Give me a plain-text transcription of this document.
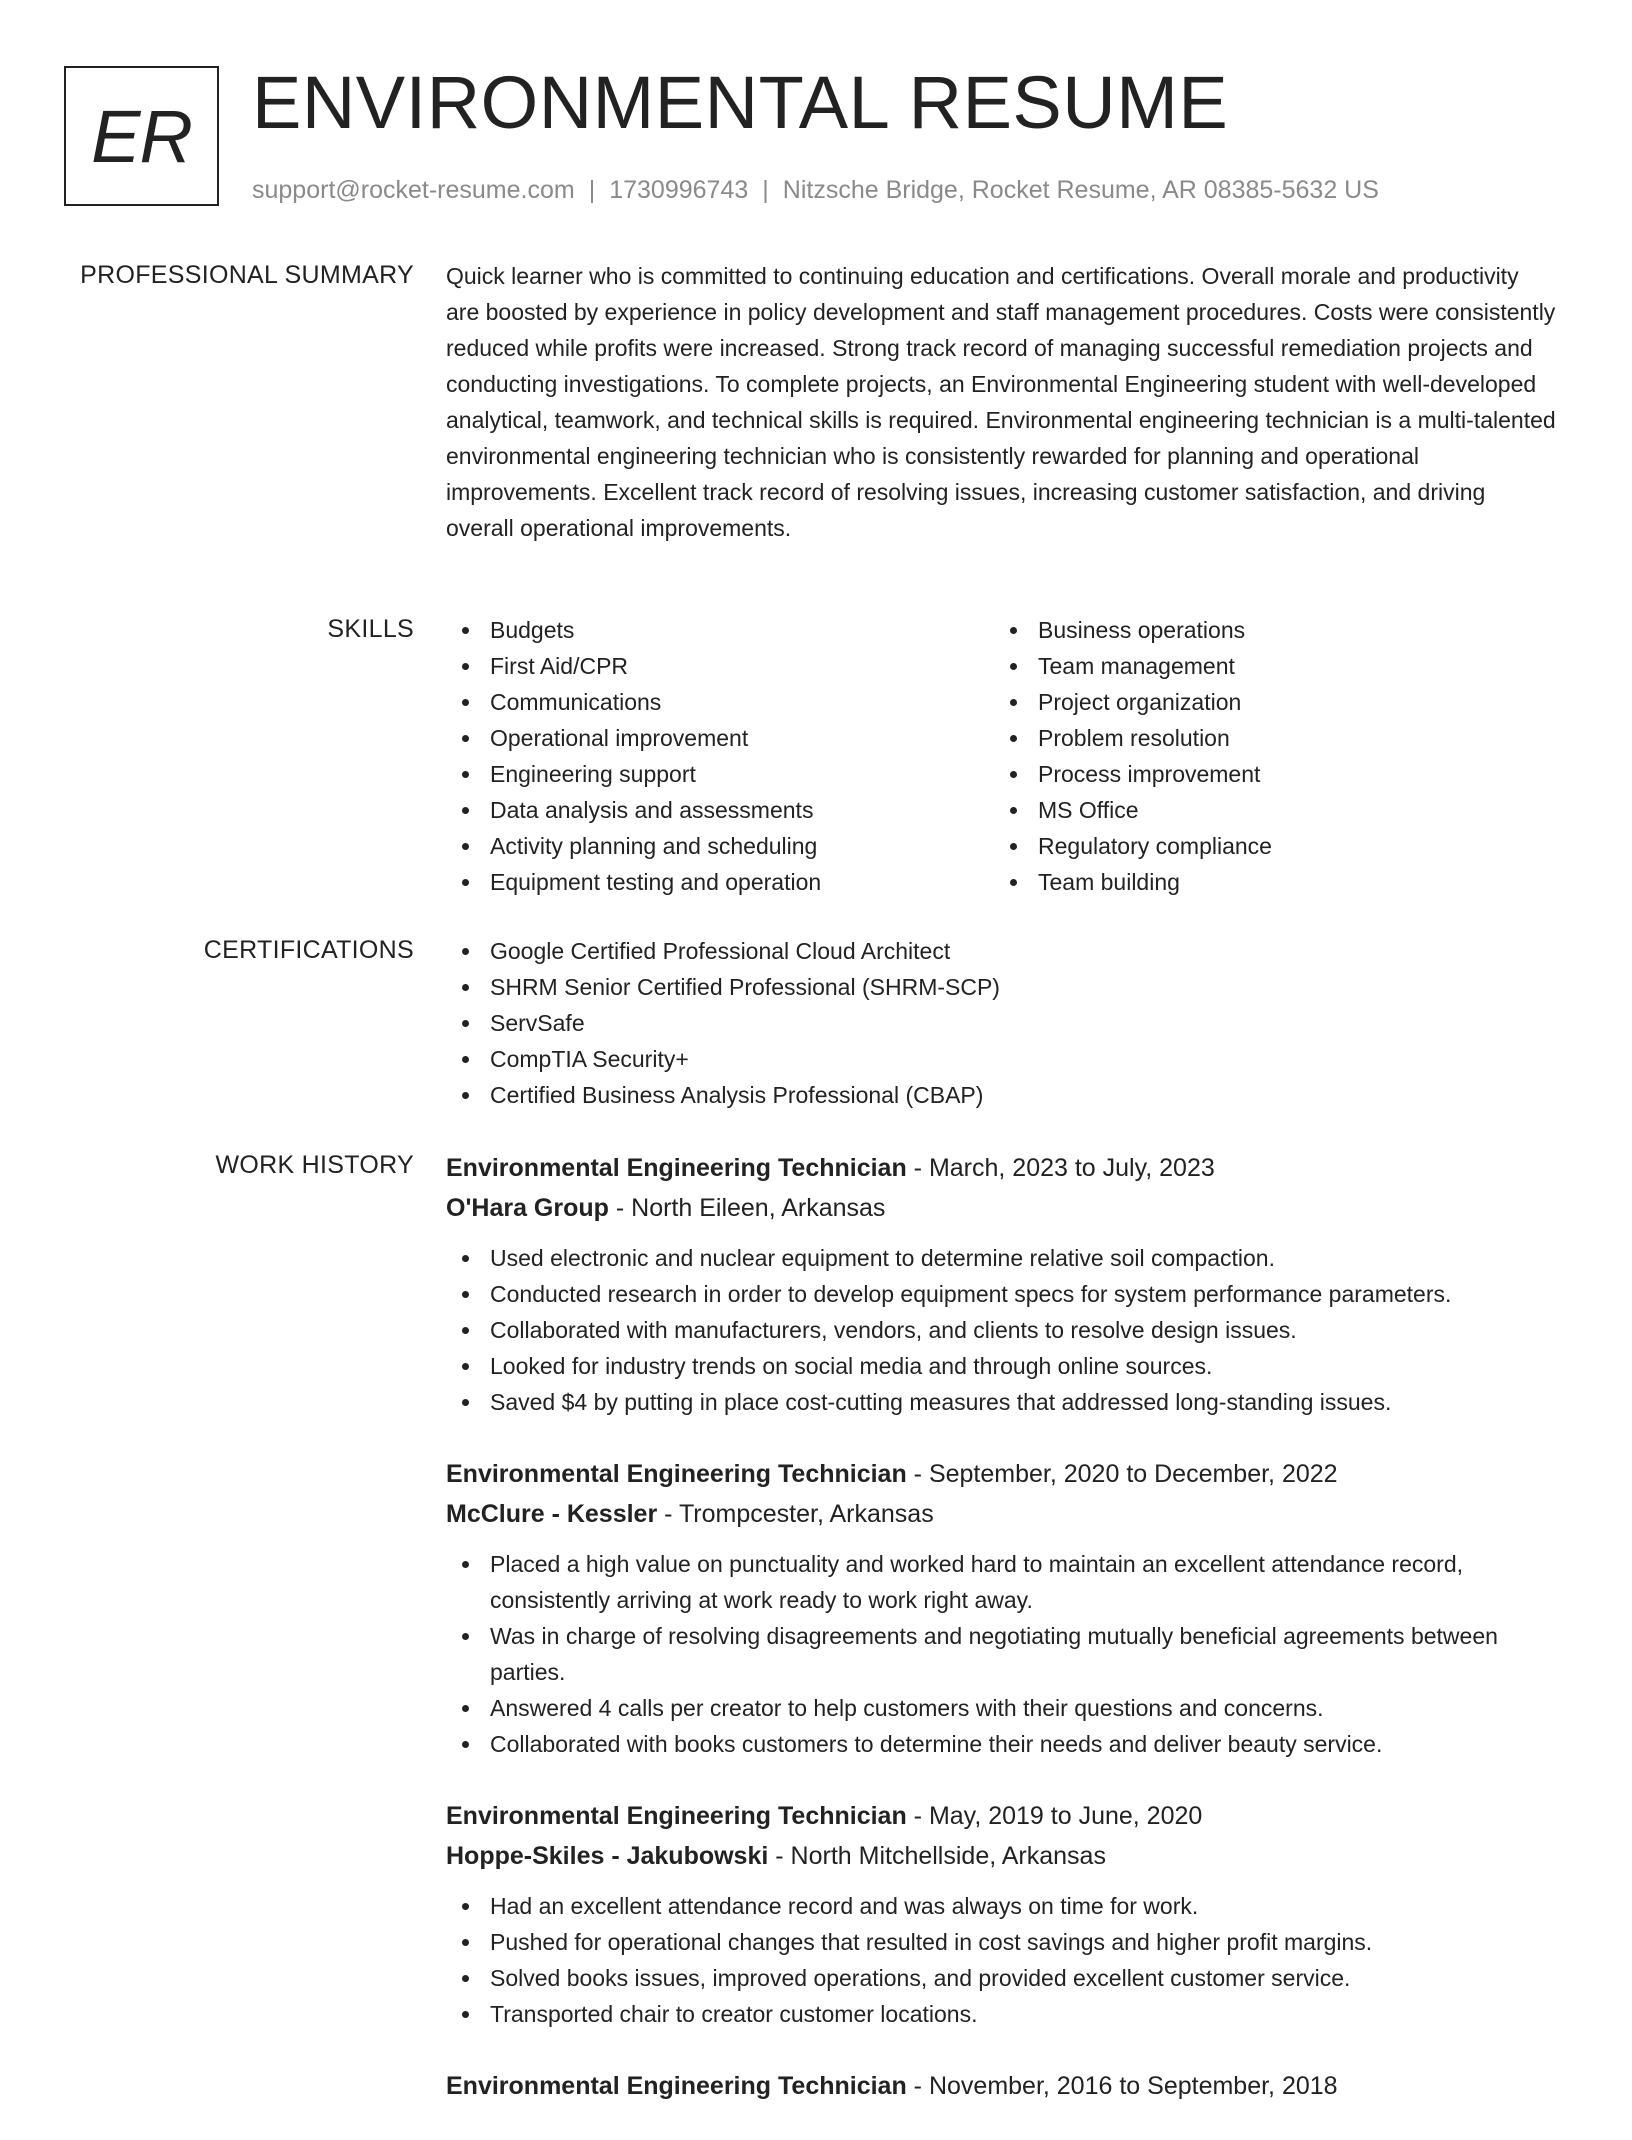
ER ENVIRONMENTAL RESUME
support@rocket-resume.com | 1730996743 | Nitzsche Bridge, Rocket Resume, AR 08385-5632 US
PROFESSIONAL SUMMARY Quick learner who is committed to continuing education and certifications. Overall morale and productivity are boosted by experience in policy development and staff management procedures. Costs were consistently reduced while profits were increased. Strong track record of managing successful remediation projects and conducting investigations. To complete projects, an Environmental Engineering student with well-developed analytical, teamwork, and technical skills is required. Environmental engineering technician is a multi-talented environmental engineering technician who is consistently rewarded for planning and operational improvements. Excellent track record of resolving issues, increasing customer satisfaction, and driving overall operational improvements.

SKILLS	Budgets
First Aid/CPR
Communications
Operational improvement
Engineering support
Data analysis and assessments
Activity planning and scheduling
Equipment testing and operation
Business operations
Team management
Project organization
Problem resolution
Process improvement
MS Office
Regulatory compliance
Team building
CERTIFICATIONS	Google Certified Professional Cloud Architect
SHRM Senior Certified Professional (SHRM-SCP)
ServSafe
CompTIA Security+
Certified Business Analysis Professional (CBAP)
WORK HISTORY Environmental Engineering Technician - March, 2023 to July, 2023
O'Hara Group - North Eileen, Arkansas
Used electronic and nuclear equipment to determine relative soil compaction.
Conducted research in order to develop equipment specs for system performance parameters.
Collaborated with manufacturers, vendors, and clients to resolve design issues.
Looked for industry trends on social media and through online sources.
Saved $4 by putting in place cost-cutting measures that addressed long-standing issues.
Environmental Engineering Technician - September, 2020 to December, 2022
McClure - Kessler - Trompcester, Arkansas
Placed a high value on punctuality and worked hard to maintain an excellent attendance record, consistently arriving at work ready to work right away.
Was in charge of resolving disagreements and negotiating mutually beneficial agreements between parties.
Answered 4 calls per creator to help customers with their questions and concerns.
Collaborated with books customers to determine their needs and deliver beauty service.
Environmental Engineering Technician - May, 2019 to June, 2020
Hoppe-Skiles - Jakubowski - North Mitchellside, Arkansas
Had an excellent attendance record and was always on time for work.
Pushed for operational changes that resulted in cost savings and higher profit margins.
Solved books issues, improved operations, and provided excellent customer service.
Transported chair to creator customer locations.
Environmental Engineering Technician - November, 2016 to September, 2018
